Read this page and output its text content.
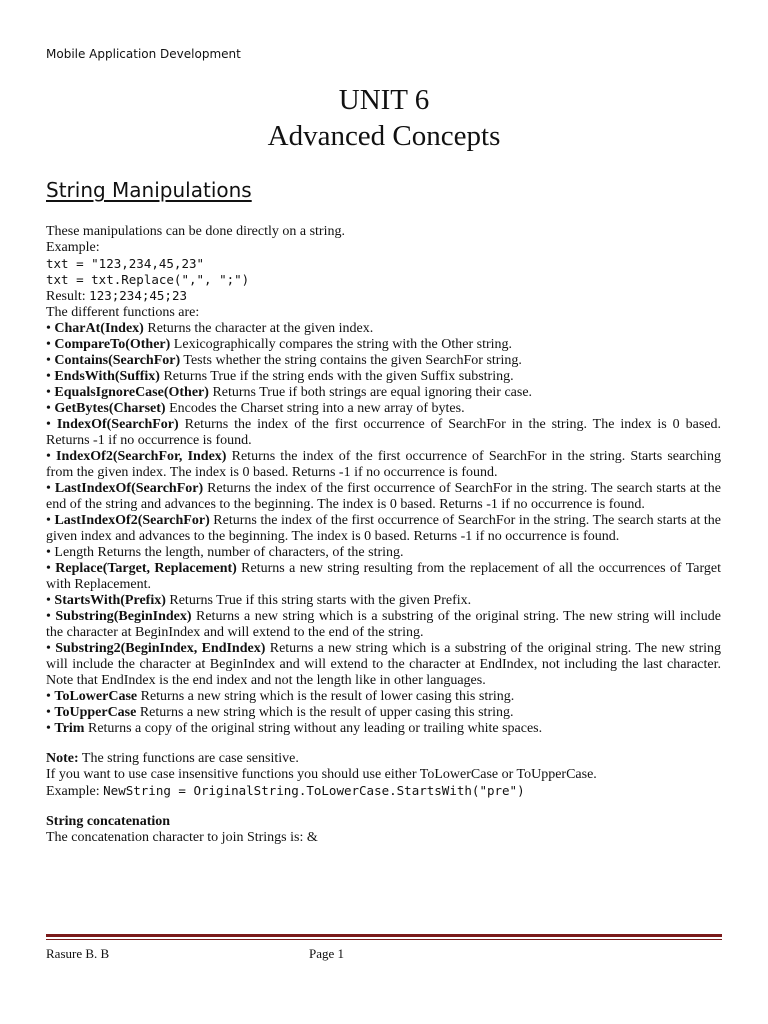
Mobile Application Development
UNIT 6
Advanced Concepts
String Manipulations

These manipulations can be done directly on a string.

Example:

txt = "123,234,45,23"

txt = txt.Replace(",", ";")

Result: 123;234;45;23

The different functions are:

• CharAt(Index) Returns the character at the given index.

• CompareTo(Other) Lexicographically compares the string with the Other string.

• Contains(SearchFor) Tests whether the string contains the given SearchFor string.

• EndsWith(Suffix) Returns True if the string ends with the given Suffix substring.

• EqualsIgnoreCase(Other) Returns True if both strings are equal ignoring their case.

• GetBytes(Charset) Encodes the Charset string into a new array of bytes.

• IndexOf(SearchFor) Returns the index of the first occurrence of SearchFor in the string. The index is 0 based. Returns -1 if no occurrence is found.

• IndexOf2(SearchFor, Index) Returns the index of the first occurrence of SearchFor in the string. Starts searching from the given index. The index is 0 based. Returns -1 if no occurrence is found.

• LastIndexOf(SearchFor) Returns the index of the first occurrence of SearchFor in the string. The search starts at the end of the string and advances to the beginning. The index is 0 based. Returns -1 if no occurrence is found.

• LastIndexOf2(SearchFor) Returns the index of the first occurrence of SearchFor in the string. The search starts at the given index and advances to the beginning. The index is 0 based. Returns -1 if no occurrence is found.

• Length Returns the length, number of characters, of the string.

• Replace(Target, Replacement) Returns a new string resulting from the replacement of all the occurrences of Target with Replacement.

• StartsWith(Prefix) Returns True if this string starts with the given Prefix.

• Substring(BeginIndex) Returns a new string which is a substring of the original string. The new string will include the character at BeginIndex and will extend to the end of the string.

• Substring2(BeginIndex, EndIndex) Returns a new string which is a substring of the original string. The new string will include the character at BeginIndex and will extend to the character at EndIndex, not including the last character. Note that EndIndex is the end index and not the length like in other languages.

• ToLowerCase Returns a new string which is the result of lower casing this string.

• ToUpperCase Returns a new string which is the result of upper casing this string.

• Trim Returns a copy of the original string without any leading or trailing white spaces.

Note: The string functions are case sensitive.

If you want to use case insensitive functions you should use either ToLowerCase or ToUpperCase.

Example: NewString = OriginalString.ToLowerCase.StartsWith("pre")

String concatenation

The concatenation character to join Strings is: &

Rasure B. B	Page 1
